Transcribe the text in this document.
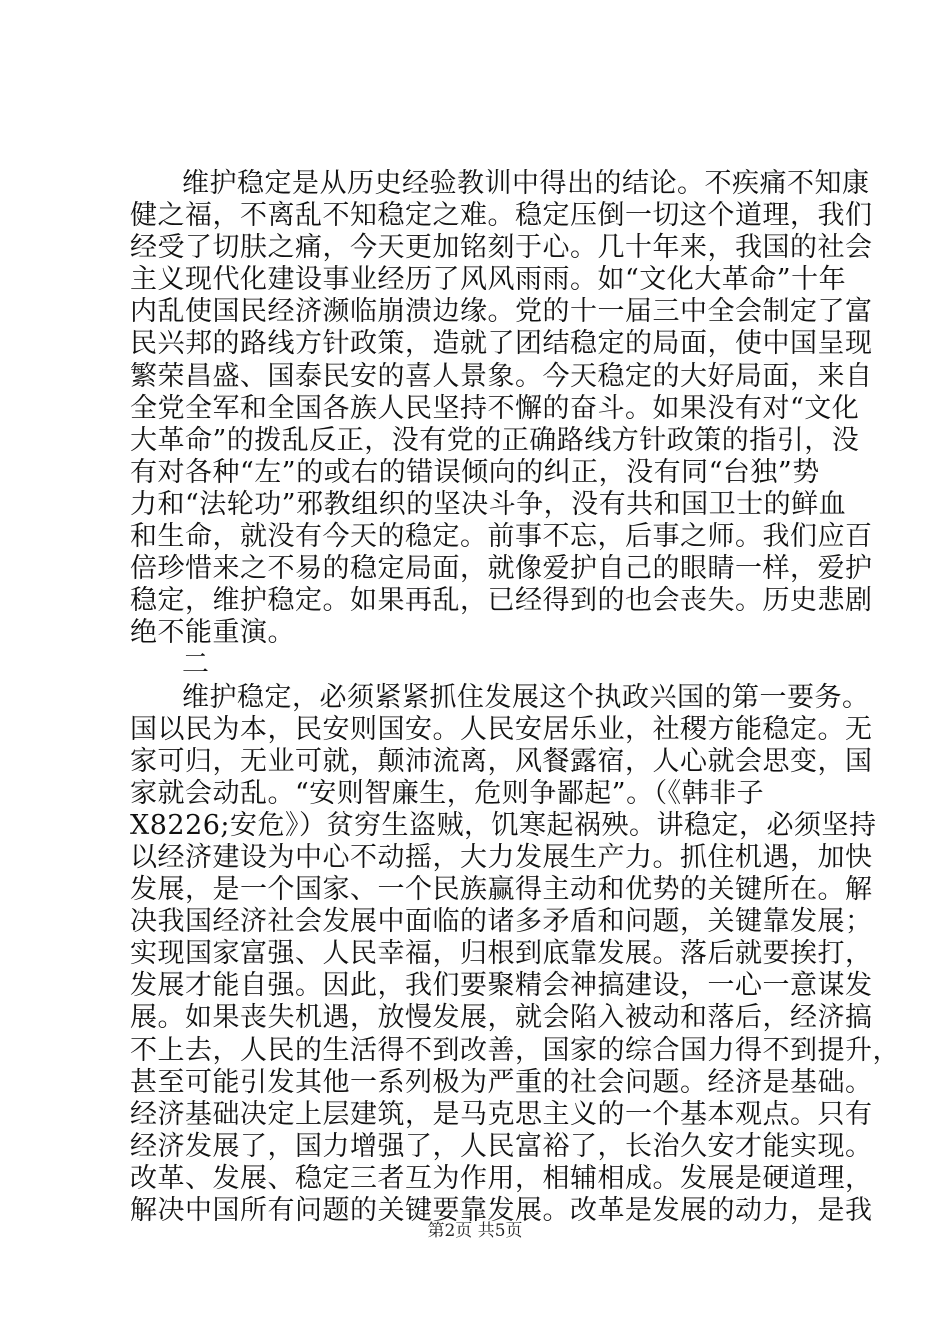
维护稳定是从历史经验教训中得出的结论。不疾痛不知康
健之福，不离乱不知稳定之难。稳定压倒一切这个道理，我们
经受了切肤之痛，今天更加铭刻于心。几十年来，我国的社会
主义现代化建设事业经历了风风雨雨。如“文化大革命”十年
内乱使国民经济濒临崩溃边缘。党的十一届三中全会制定了富
民兴邦的路线方针政策，造就了团结稳定的局面，使中国呈现
繁荣昌盛、国泰民安的喜人景象。今天稳定的大好局面，来自
全党全军和全国各族人民坚持不懈的奋斗。如果没有对“文化
大革命”的拨乱反正，没有党的正确路线方针政策的指引，没
有对各种“左”的或右的错误倾向的纠正，没有同“台独”势
力和“法轮功”邪教组织的坚决斗争，没有共和国卫士的鲜血
和生命，就没有今天的稳定。前事不忘，后事之师。我们应百
倍珍惜来之不易的稳定局面，就像爱护自己的眼睛一样，爱护
稳定，维护稳定。如果再乱，已经得到的也会丧失。历史悲剧
绝不能重演。
二
维护稳定，必须紧紧抓住发展这个执政兴国的第一要务。
国以民为本，民安则国安。人民安居乐业，社稷方能稳定。无
家可归，无业可就，颠沛流离，风餐露宿，人心就会思变，国
家就会动乱。“安则智廉生，危则争鄙起”。（《韩非子
X8226;安危》）贫穷生盗贼，饥寒起祸殃。讲稳定，必须坚持
以经济建设为中心不动摇，大力发展生产力。抓住机遇，加快
发展，是一个国家、一个民族赢得主动和优势的关键所在。解
决我国经济社会发展中面临的诸多矛盾和问题，关键靠发展；
实现国家富强、人民幸福，归根到底靠发展。落后就要挨打，
发展才能自强。因此，我们要聚精会神搞建设，一心一意谋发
展。如果丧失机遇，放慢发展，就会陷入被动和落后，经济搞
不上去，人民的生活得不到改善，国家的综合国力得不到提升，
甚至可能引发其他一系列极为严重的社会问题。经济是基础。
经济基础决定上层建筑，是马克思主义的一个基本观点。只有
经济发展了，国力增强了，人民富裕了，长治久安才能实现。
改革、发展、稳定三者互为作用，相辅相成。发展是硬道理，
解决中国所有问题的关键要靠发展。改革是发展的动力，是我
第2页 共5页
